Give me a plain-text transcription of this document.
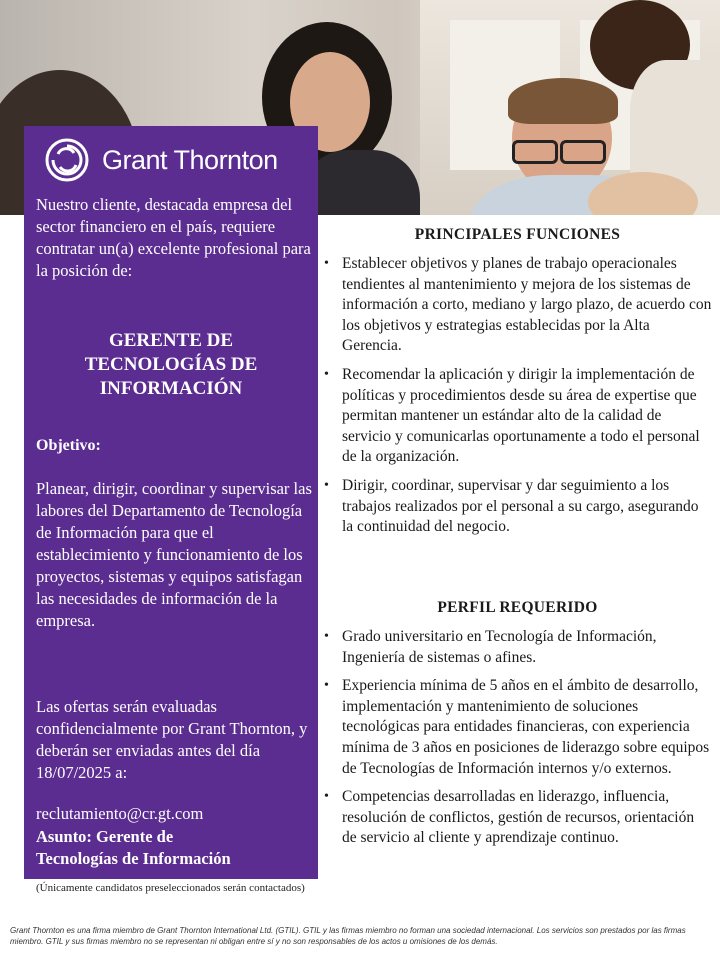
Grant Thornton
Nuestro cliente, destacada empresa del sector financiero en el país, requiere contratar un(a) excelente profesional para la posición de:
GERENTE DE
TECNOLOGÍAS DE
INFORMACIÓN
Objetivo:
Planear, dirigir, coordinar y supervisar las labores del Departamento de Tecnología de Información para que el establecimiento y funcionamiento de los proyectos, sistemas y equipos satisfagan las necesidades de información de la empresa.
Las ofertas serán evaluadas confidencialmente por Grant Thornton, y deberán ser enviadas antes del día 18/07/2025 a:
reclutamiento@cr.gt.com
Asunto: Gerente de
Tecnologías de Información
(Únicamente candidatos preseleccionados serán contactados)
PRINCIPALES FUNCIONES
• Establecer objetivos y planes de trabajo operacionales tendientes al mantenimiento y mejora de los sistemas de información a corto, mediano y largo plazo, de acuerdo con los objetivos y estrategias establecidas por la Alta Gerencia.
• Recomendar la aplicación y dirigir la implementación de políticas y procedimientos desde su área de expertise que permitan mantener un estándar alto de la calidad de servicio y comunicarlas oportunamente a todo el personal de la organización.
• Dirigir, coordinar, supervisar y dar seguimiento a los trabajos realizados por el personal a su cargo, asegurando la continuidad del negocio.
PERFIL REQUERIDO
• Grado universitario en Tecnología de Información, Ingeniería de sistemas o afines.
• Experiencia mínima de 5 años en el ámbito de desarrollo, implementación y mantenimiento de soluciones tecnológicas para entidades financieras, con experiencia mínima de 3 años en posiciones de liderazgo sobre equipos de Tecnologías de Información internos y/o externos.
• Competencias desarrolladas en liderazgo, influencia, resolución de conflictos, gestión de recursos, orientación de servicio al cliente y aprendizaje continuo.
Grant Thornton es una firma miembro de Grant Thornton International Ltd. (GTIL). GTIL y las firmas miembro no forman una sociedad internacional. Los servicios son prestados por las firmas miembro. GTIL y sus firmas miembro no se representan ni obligan entre sí y no son responsables de los actos u omisiones de los demás.
